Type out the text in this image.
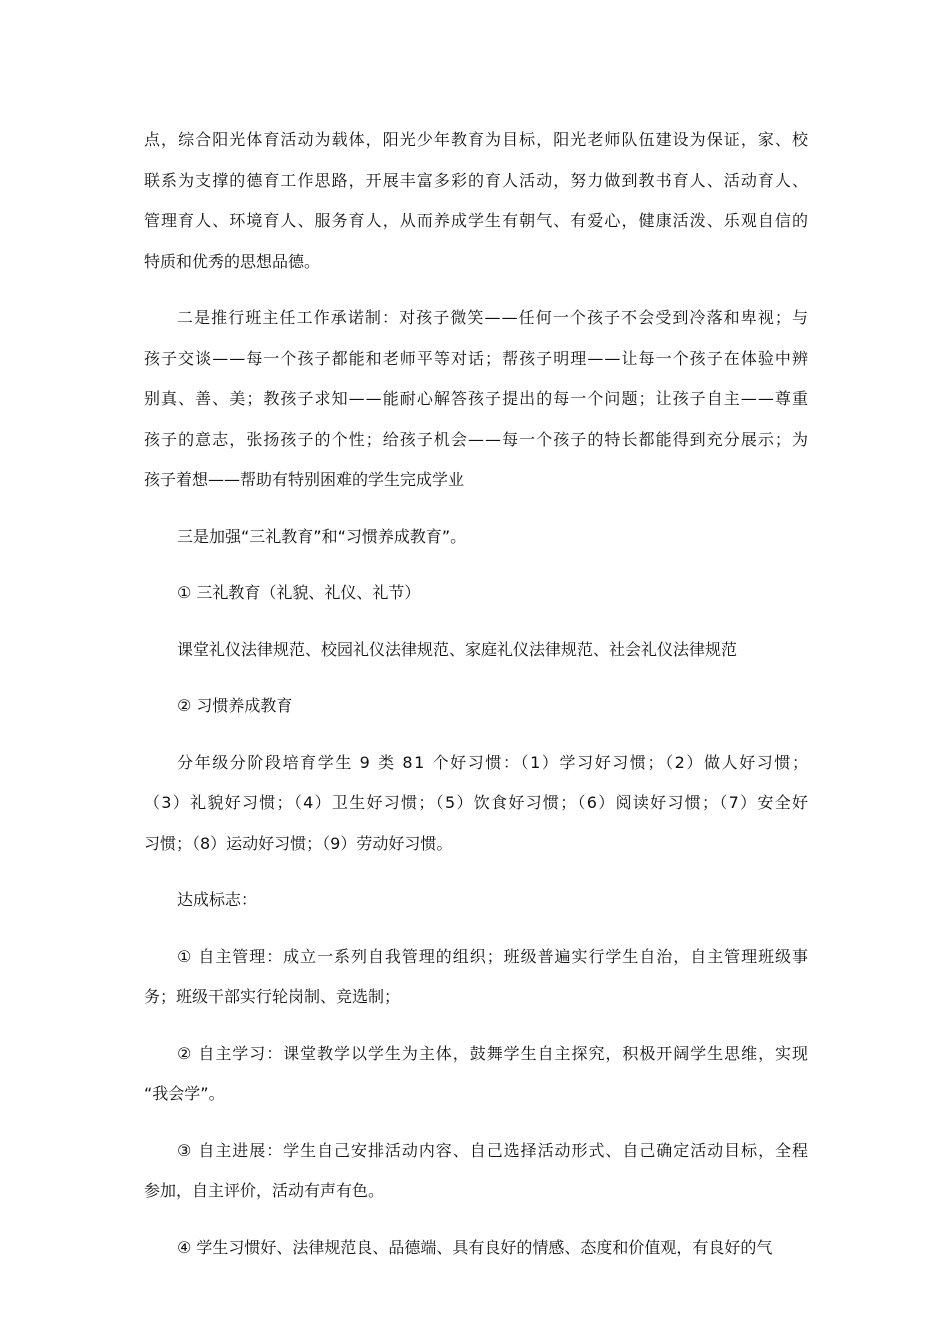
点，综合阳光体育活动为载体，阳光少年教育为目标，阳光老师队伍建设为保证，家、校
联系为支撑的德育工作思路，开展丰富多彩的育人活动，努力做到教书育人、活动育人、
管理育人、环境育人、服务育人，从而养成学生有朝气、有爱心，健康活泼、乐观自信的
特质和优秀的思想品德。
二是推行班主任工作承诺制：对孩子微笑——任何一个孩子不会受到冷落和卑视；与
孩子交谈——每一个孩子都能和老师平等对话；帮孩子明理——让每一个孩子在体验中辨
别真、善、美；教孩子求知——能耐心解答孩子提出的每一个问题；让孩子自主——尊重
孩子的意志，张扬孩子的个性；给孩子机会——每一个孩子的特长都能得到充分展示；为
孩子着想——帮助有特别困难的学生完成学业
三是加强“三礼教育”和“习惯养成教育”。
① 三礼教育（礼貌、礼仪、礼节）
课堂礼仪法律规范、校园礼仪法律规范、家庭礼仪法律规范、社会礼仪法律规范
② 习惯养成教育
分年级分阶段培育学生 9 类 81 个好习惯：（1）学习好习惯；（2）做人好习惯；
（3）礼貌好习惯；（4）卫生好习惯；（5）饮食好习惯；（6）阅读好习惯；（7）安全好
习惯；（8）运动好习惯；（9）劳动好习惯。
达成标志：
① 自主管理：成立一系列自我管理的组织；班级普遍实行学生自治，自主管理班级事
务；班级干部实行轮岗制、竞选制；
② 自主学习：课堂教学以学生为主体，鼓舞学生自主探究，积极开阔学生思维，实现
“我会学”。
③ 自主进展：学生自己安排活动内容、自己选择活动形式、自己确定活动目标，全程
参加，自主评价，活动有声有色。
④ 学生习惯好、法律规范良、品德端、具有良好的情感、态度和价值观，有良好的气
